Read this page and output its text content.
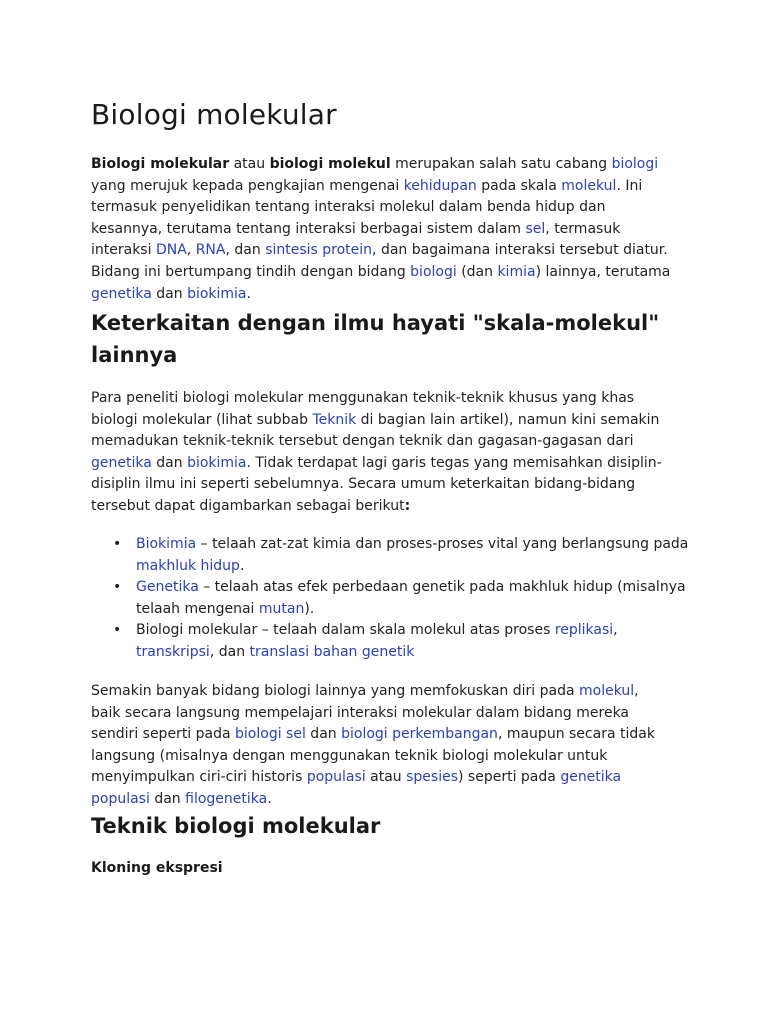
Biologi molekular

Biologi molekular atau biologi molekul merupakan salah satu cabang biologi yang merujuk kepada pengkajian mengenai kehidupan pada skala molekul. Ini termasuk penyelidikan tentang interaksi molekul dalam benda hidup dan kesannya, terutama tentang interaksi berbagai sistem dalam sel, termasuk interaksi DNA, RNA, dan sintesis protein, dan bagaimana interaksi tersebut diatur. Bidang ini bertumpang tindih dengan bidang biologi (dan kimia) lainnya, terutama genetika dan biokimia.

Keterkaitan dengan ilmu hayati "skala-molekul" lainnya

Para peneliti biologi molekular menggunakan teknik-teknik khusus yang khas biologi molekular (lihat subbab Teknik di bagian lain artikel), namun kini semakin memadukan teknik-teknik tersebut dengan teknik dan gagasan-gagasan dari genetika dan biokimia. Tidak terdapat lagi garis tegas yang memisahkan disiplin-disiplin ilmu ini seperti sebelumnya. Secara umum keterkaitan bidang-bidang tersebut dapat digambarkan sebagai berikut:

• Biokimia – telaah zat-zat kimia dan proses-proses vital yang berlangsung pada makhluk hidup.
• Genetika – telaah atas efek perbedaan genetik pada makhluk hidup (misalnya telaah mengenai mutan).
• Biologi molekular – telaah dalam skala molekul atas proses replikasi, transkripsi, dan translasi bahan genetik

Semakin banyak bidang biologi lainnya yang memfokuskan diri pada molekul, baik secara langsung mempelajari interaksi molekular dalam bidang mereka sendiri seperti pada biologi sel dan biologi perkembangan, maupun secara tidak langsung (misalnya dengan menggunakan teknik biologi molekular untuk menyimpulkan ciri-ciri historis populasi atau spesies) seperti pada genetika populasi dan filogenetika.

Teknik biologi molekular
Kloning ekspresi
